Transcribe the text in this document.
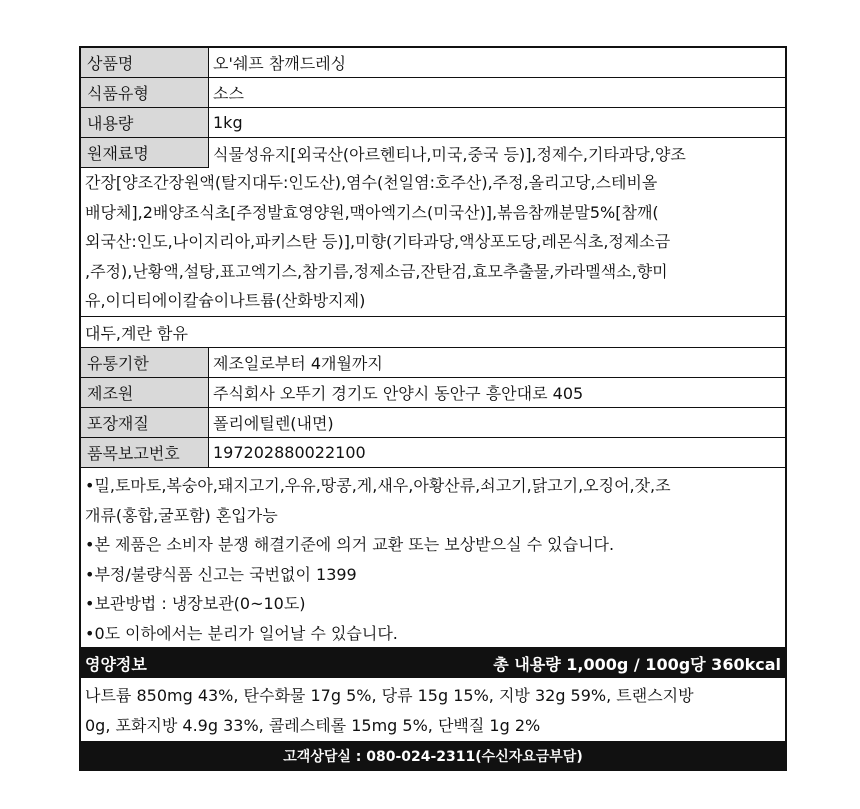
상품명	오'쉐프 참깨드레싱
식품유형	소스
내용량	1kg
원재료명	식물성유지[외국산(아르헨티나,미국,중국 등)],정제수,기타과당,양조
간장[양조간장원액(탈지대두:인도산),염수(천일염:호주산),주정,올리고당,스테비올
배당체],2배양조식초[주정발효영양원,맥아엑기스(미국산)],볶음참깨분말5%[참깨(
외국산:인도,나이지리아,파키스탄 등)],미향(기타과당,액상포도당,레몬식초,정제소금
,주정),난황액,설탕,표고엑기스,참기름,정제소금,잔탄검,효모추출물,카라멜색소,향미
유,이디티에이칼슘이나트륨(산화방지제)
대두,계란 함유
유통기한	제조일로부터 4개월까지
제조원	주식회사 오뚜기 경기도 안양시 동안구 흥안대로 405
포장재질	폴리에틸렌(내면)
품목보고번호	197202880022100
•밀,토마토,복숭아,돼지고기,우유,땅콩,게,새우,아황산류,쇠고기,닭고기,오징어,잣,조
개류(홍합,굴포함) 혼입가능
•본 제품은 소비자 분쟁 해결기준에 의거 교환 또는 보상받으실 수 있습니다.
•부정/불량식품 신고는 국번없이 1399
•보관방법 : 냉장보관(0~10도)
•0도 이하에서는 분리가 일어날 수 있습니다.
영양정보	총 내용량 1,000g / 100g당 360kcal
나트륨 850mg 43%, 탄수화물 17g 5%, 당류 15g 15%, 지방 32g 59%, 트랜스지방
0g, 포화지방 4.9g 33%, 콜레스테롤 15mg 5%, 단백질 1g 2%
고객상담실 : 080-024-2311(수신자요금부담)
